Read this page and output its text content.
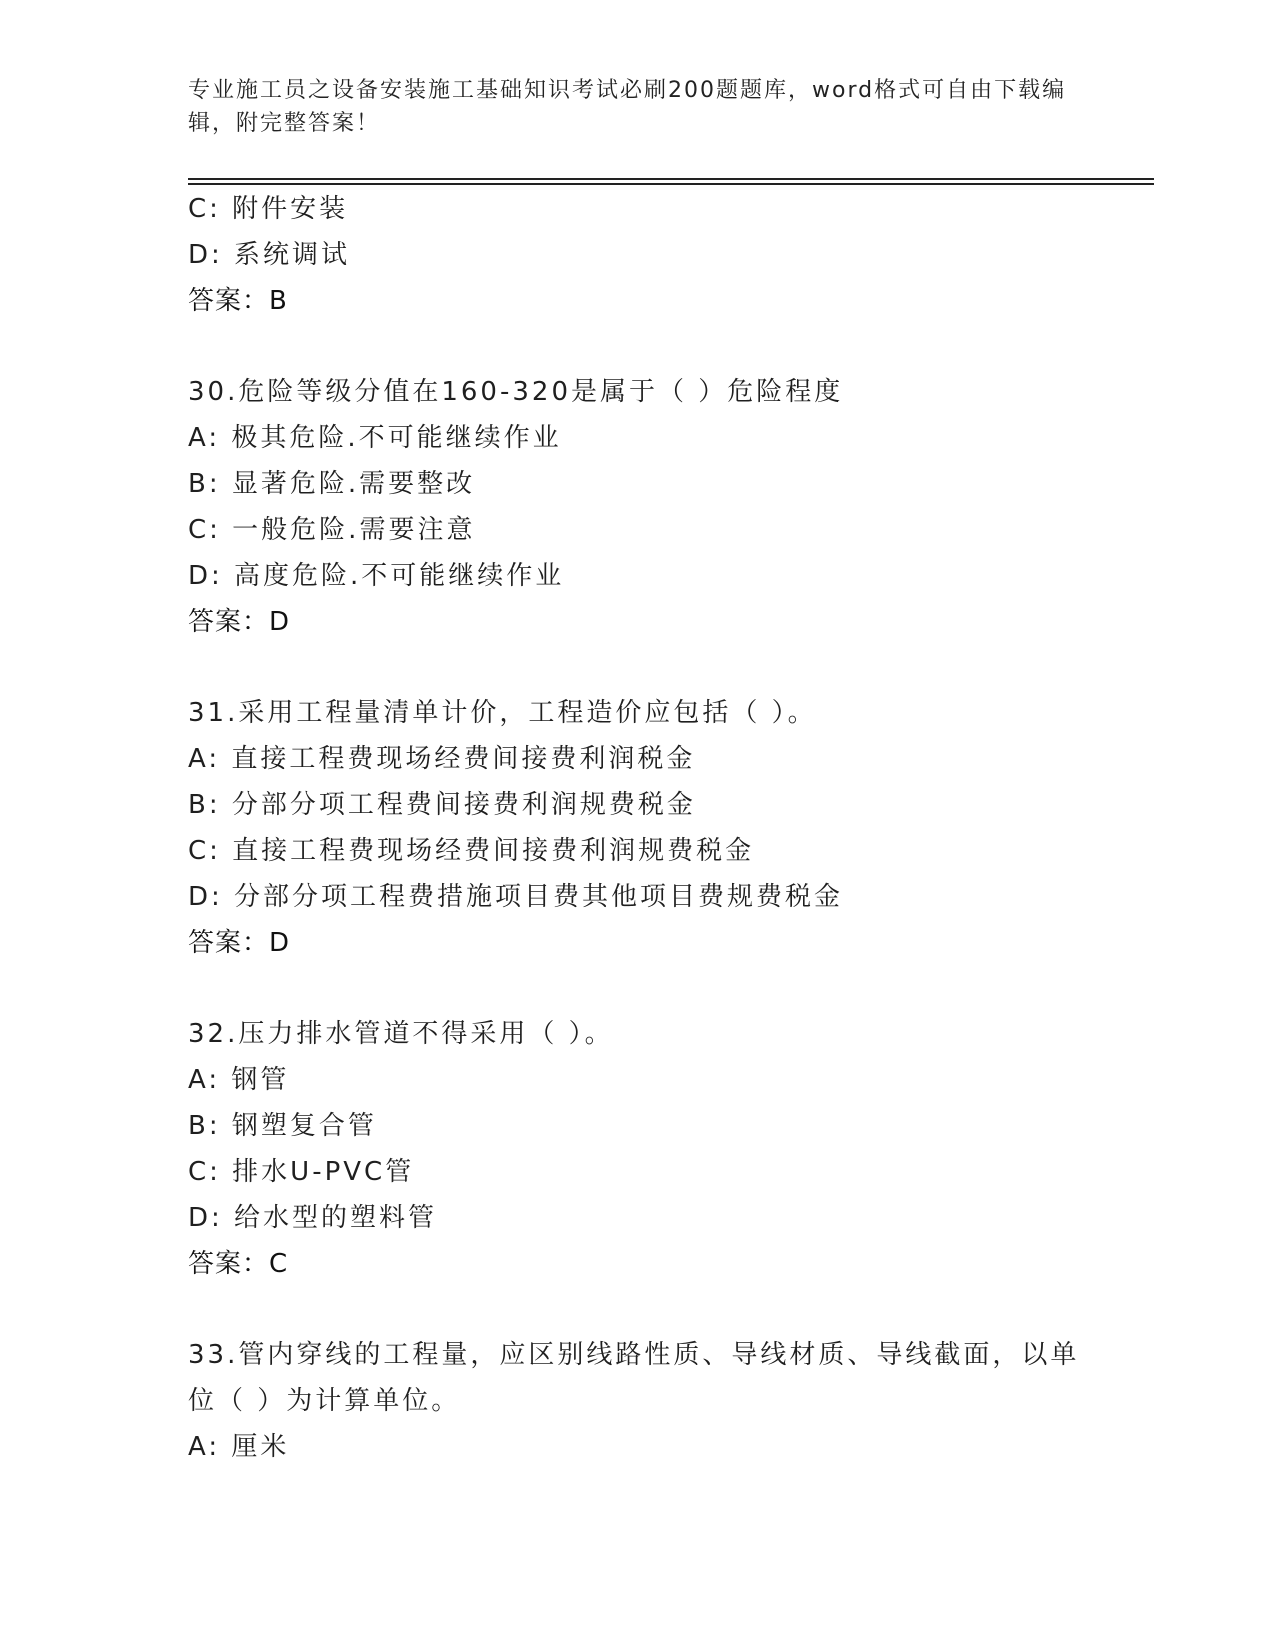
专业施工员之设备安装施工基础知识考试必刷200题题库，word格式可自由下载编辑，附完整答案！
C: 附件安装
D: 系统调试
答案：B
30.危险等级分值在160-320是属于（ ）危险程度
A: 极其危险.不可能继续作业
B: 显著危险.需要整改
C: 一般危险.需要注意
D: 高度危险.不可能继续作业
答案：D
31.采用工程量清单计价，工程造价应包括（ ）。
A: 直接工程费现场经费间接费利润税金
B: 分部分项工程费间接费利润规费税金
C: 直接工程费现场经费间接费利润规费税金
D: 分部分项工程费措施项目费其他项目费规费税金
答案：D
32.压力排水管道不得采用（ ）。
A: 钢管
B: 钢塑复合管
C: 排水U-PVC管
D: 给水型的塑料管
答案：C
33.管内穿线的工程量，应区别线路性质、导线材质、导线截面，以单位（ ）为计算单位。
A: 厘米
